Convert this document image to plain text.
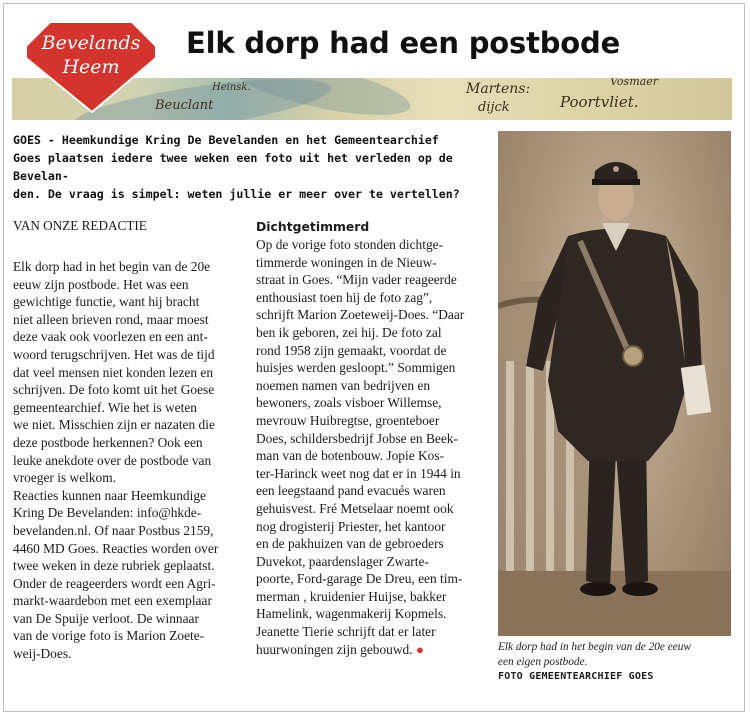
Beuclant
Heinsk.	Martens:
dijck	Poortvliet.
Vosmaer
Bevelands
Heem
Elk dorp had een postbode
GOES - Heemkundige Kring De Bevelanden en het Gemeentearchief
Goes plaatsen iedere twee weken een foto uit het verleden op de Bevelan-
den. De vraag is simpel: weten jullie er meer over te vertellen?
VAN ONZE REDACTIE

Elk dorp had in het begin van de 20e

eeuw zijn postbode. Het was een

gewichtige functie, want hij bracht

niet alleen brieven rond, maar moest

deze vaak ook voorlezen en een ant-

woord terugschrijven. Het was de tijd

dat veel mensen niet konden lezen en

schrijven. De foto komt uit het Goese

gemeentearchief. Wie het is weten

we niet. Misschien zijn er nazaten die

deze postbode herkennen? Ook een

leuke anekdote over de postbode van

vroeger is welkom.

Reacties kunnen naar Heemkundige

Kring De Bevelanden: info@hkde-

bevelanden.nl. Of naar Postbus 2159,

4460 MD Goes. Reacties worden over

twee weken in deze rubriek geplaatst.

Onder de reageerders wordt een Agri-

markt-waardebon met een exemplaar

van De Spuije verloot. De winnaar

van de vorige foto is Marion Zoete-

weij-Does.

Dichtgetimmerd

Op de vorige foto stonden dichtge-

timmerde woningen in de Nieuw-

straat in Goes. “Mijn vader reageerde

enthousiast toen hij de foto zag”,

schrijft Marion Zoeteweij-Does. “Daar

ben ik geboren, zei hij. De foto zal

rond 1958 zijn gemaakt, voordat de

huisjes werden gesloopt.” Sommigen

noemen namen van bedrijven en

bewoners, zoals visboer Willemse,

mevrouw Huibregtse, groenteboer

Does, schildersbedrijf Jobse en Beek-

man van de botenbouw. Jopie Kos-

ter-Harinck weet nog dat er in 1944 in

een leegstaand pand evacués waren

gehuisvest. Fré Metselaar noemt ook

nog drogisterij Priester, het kantoor

en de pakhuizen van de gebroeders

Duvekot, paardenslager Zwarte-

poorte, Ford-garage De Dreu, een tim-

merman , kruidenier Huijse, bakker

Hamelink, wagenmakerij Kopmels.

Jeanette Tierie schrijft dat er later

huurwoningen zijn gebouwd. ●	Elk dorp had in het begin van de 20e eeuw
een eigen postbode.
FOTO GEMEENTEARCHIEF GOES
